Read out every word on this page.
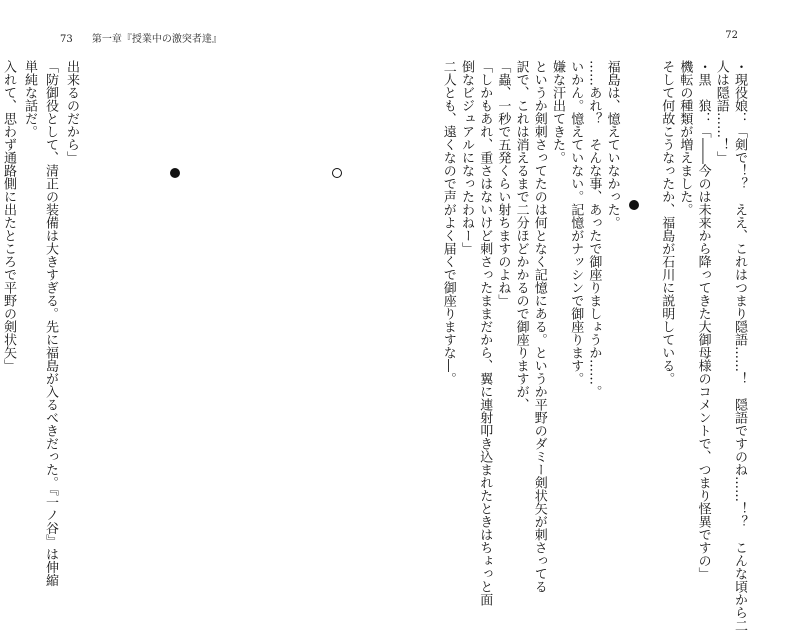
73 第一章『授業中の激突者達』
出来るのだから」
「防御役として、清正の装備は大きすぎる。先に福島が入るべきだった。『一ノ谷』は伸縮
単純な話だ。
入れて、思わず通路側に出たところで平野の剣状矢」
72
・現役娘：「剣で！？　ええ、これはつまり隠語……！　隠語ですのね……！？　こんな頃から二
人は隠語……！」
・黒　狼：「――今のは未来から降ってきた大御母様のコメントで、つまり怪異ですの」
機転の種類が増えました。
そして何故こうなったか、福島が石川に説明している。
福島は、憶えていなかった。
……あれ？　そんな事、あったで御座りましょうか……。
いかん。憶えていない。記憶がナッシンで御座ります。
嫌な汗出てきた。
というか剣刺さってたのは何となく記憶にある。というか平野のダミー剣状矢が刺さってる
訳で、これは消えるまで二分ほどかかるので御座りますが、
「蟲、一秒で五発くらい射ちますのよね」
「しかもあれ、重さはないけど刺さったままだから、翼に連射叩き込まれたときはちょっと面
倒なビジュアルになったわねー」
二人とも、遠くなので声がよく届くで御座りますな―。
